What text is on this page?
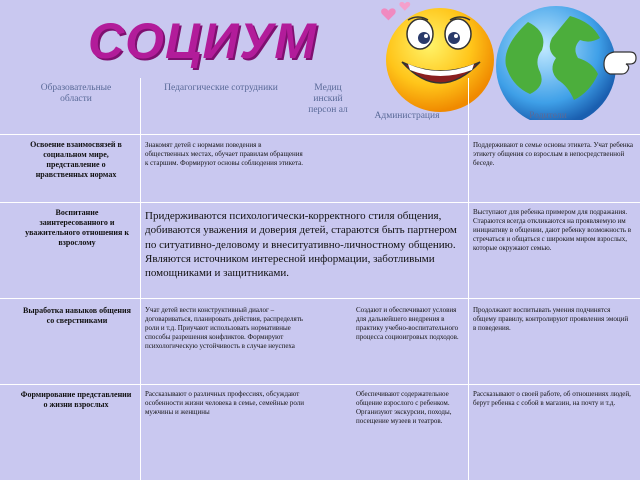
СОЦИУМ
Образовательные области
Педагогические сотрудники	Медиц инский персон ал
Администрация	Родители
Освоение взаимосвязей в социальном мире, представление о нравственных нормах
Знакомят детей с нормами поведения в общественных местах, обучает правилам обращения к старшим. Формируют основы соблюдения этикета.
Поддерживают в семье основы этикета. Учат ребенка этикету общения со взрослым в непосредственной беседе.
Воспитание заинтересованного и уважительного отношения к взрослому
Придерживаются психологически-корректного стиля общения, добиваются уважения и доверия детей, стараются быть партнером по ситуативно-деловому и внеситуативно-личностному общению. Являются источником интересной информации, заботливыми помощниками и защитниками.
Выступают для ребенка примером для подражания. Стараются всегда откликаются на проявляемую им инициативу в общении, дают ребенку возможность в стречаться и общаться с широким миром взрослых, которые окружают семью.
Выработка навыков общения со сверстниками
Учат детей вести конструктивный диалог – договариваться, планировать действия, распределять роли и т.д. Приучают использовать нормативные способы разрешения конфликтов. Формируют психологическую устойчивость в случае неуспеха
Создают и обеспечивают условия для дальнейшего внедрения в практику учебно-воспитательного процесса социоигровых подходов.
Продолжают воспитывать умения подчинятся общему правилу, контролируют проявления эмоций в поведения.
Формирование представлении о жизни взрослых
Рассказывают о различных профессиях, обсуждают особенности жизни человека в семье, семейные роли мужчины и женщины
Обеспечивают содержательное общение взрослого с ребенком. Организуют экскурсии, походы, посещение музеев и театров.
Рассказывают о своей работе, об отношениях людей, берут ребенка с собой в магазин, на почту и т.д.
